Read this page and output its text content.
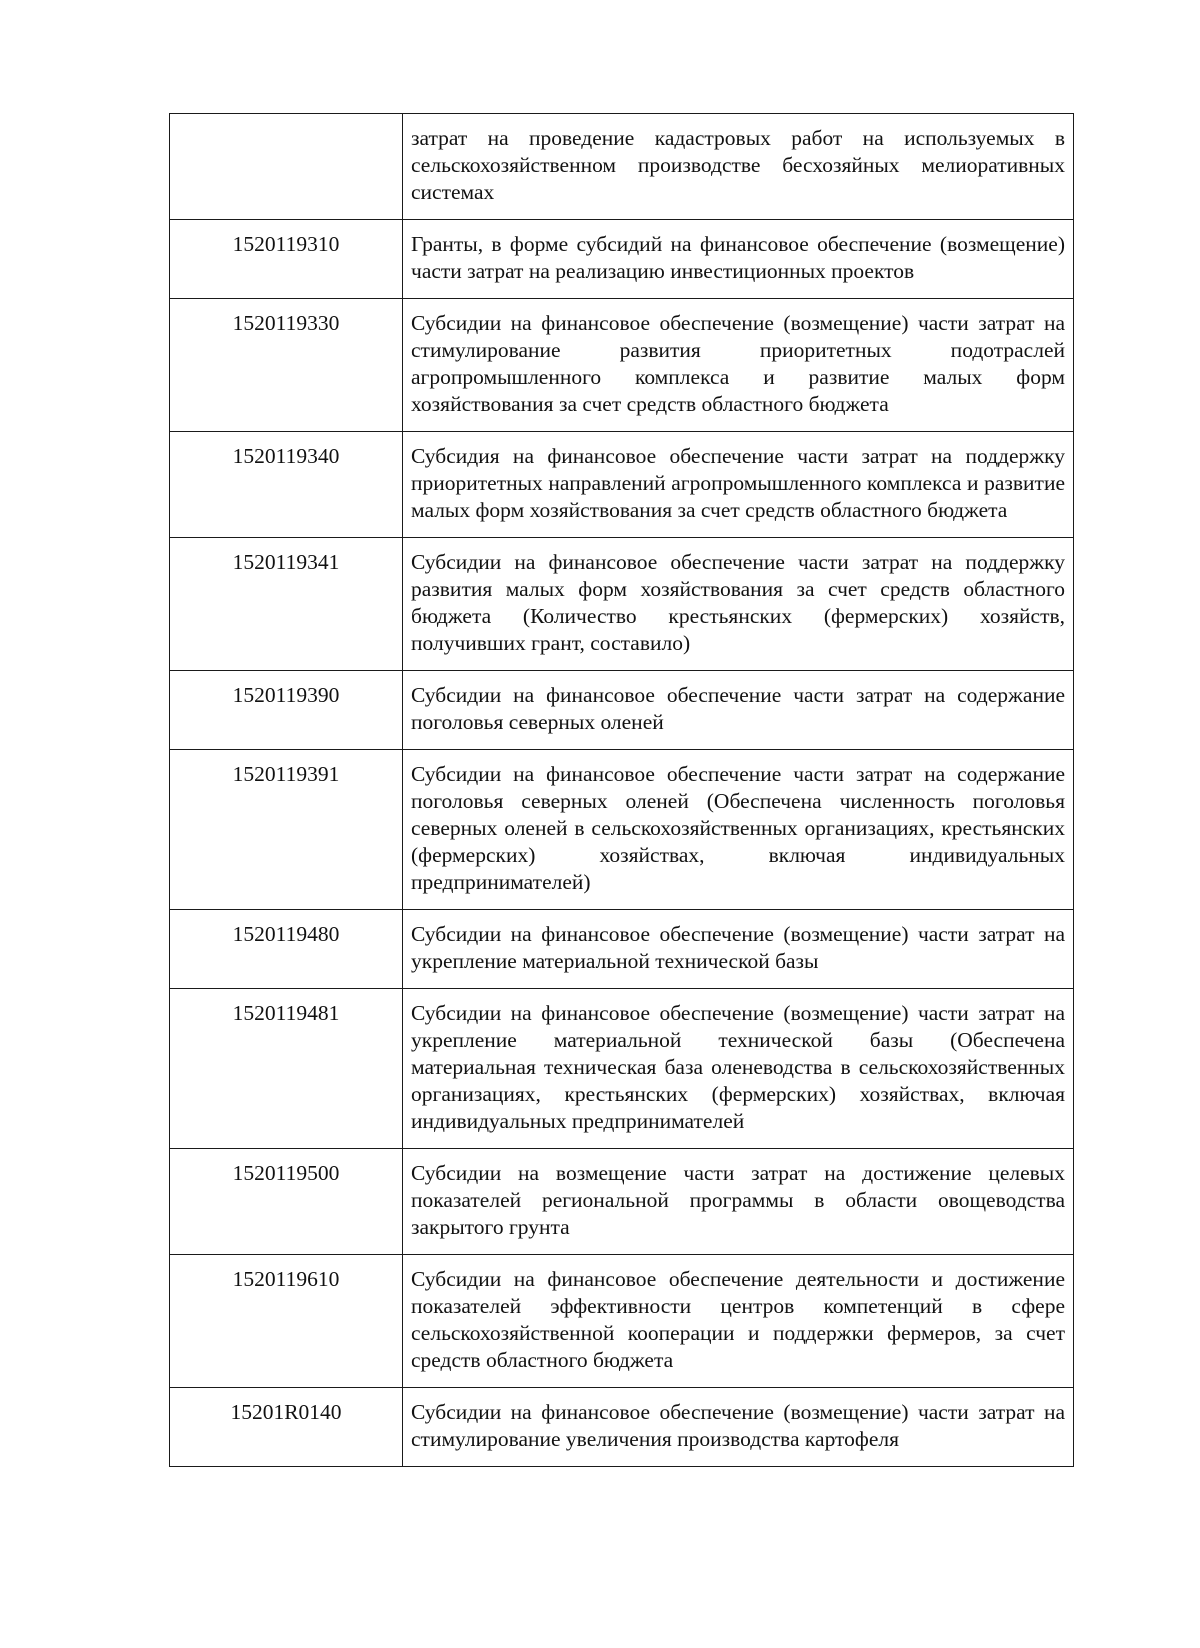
	затрат на проведение кадастровых работ на используемых в сельскохозяйственном производстве бесхозяйных мелиоративных системах
1520119310	Гранты, в форме субсидий на финансовое обеспечение (возмещение) части затрат на реализацию инвестиционных проектов
1520119330	Субсидии на финансовое обеспечение (возмещение) части затрат на стимулирование развития приоритетных подотраслей агропромышленного комплекса и развитие малых форм хозяйствования за счет средств областного бюджета
1520119340	Субсидия на финансовое обеспечение части затрат на поддержку приоритетных направлений агропромышленного комплекса и развитие малых форм хозяйствования за счет средств областного бюджета
1520119341	Субсидии на финансовое обеспечение части затрат на поддержку развития малых форм хозяйствования за счет средств областного бюджета (Количество крестьянских (фермерских) хозяйств, получивших грант, составило)
1520119390	Субсидии на финансовое обеспечение части затрат на содержание поголовья северных оленей
1520119391	Субсидии на финансовое обеспечение части затрат на содержание поголовья северных оленей (Обеспечена численность поголовья северных оленей в сельскохозяйственных организациях, крестьянских (фермерских) хозяйствах, включая индивидуальных предпринимателей)
1520119480	Субсидии на финансовое обеспечение (возмещение) части затрат на укрепление материальной технической базы
1520119481	Субсидии на финансовое обеспечение (возмещение) части затрат на укрепление материальной технической базы (Обеспечена материальная техническая база оленеводства в сельскохозяйственных организациях, крестьянских (фермерских) хозяйствах, включая индивидуальных предпринимателей
1520119500	Субсидии на возмещение части затрат на достижение целевых показателей региональной программы в области овощеводства закрытого грунта
1520119610	Субсидии на финансовое обеспечение деятельности и достижение показателей эффективности центров компетенций в сфере сельскохозяйственной кооперации и поддержки фермеров, за счет средств областного бюджета
15201R0140	Субсидии на финансовое обеспечение (возмещение) части затрат на стимулирование увеличения производства картофеля
